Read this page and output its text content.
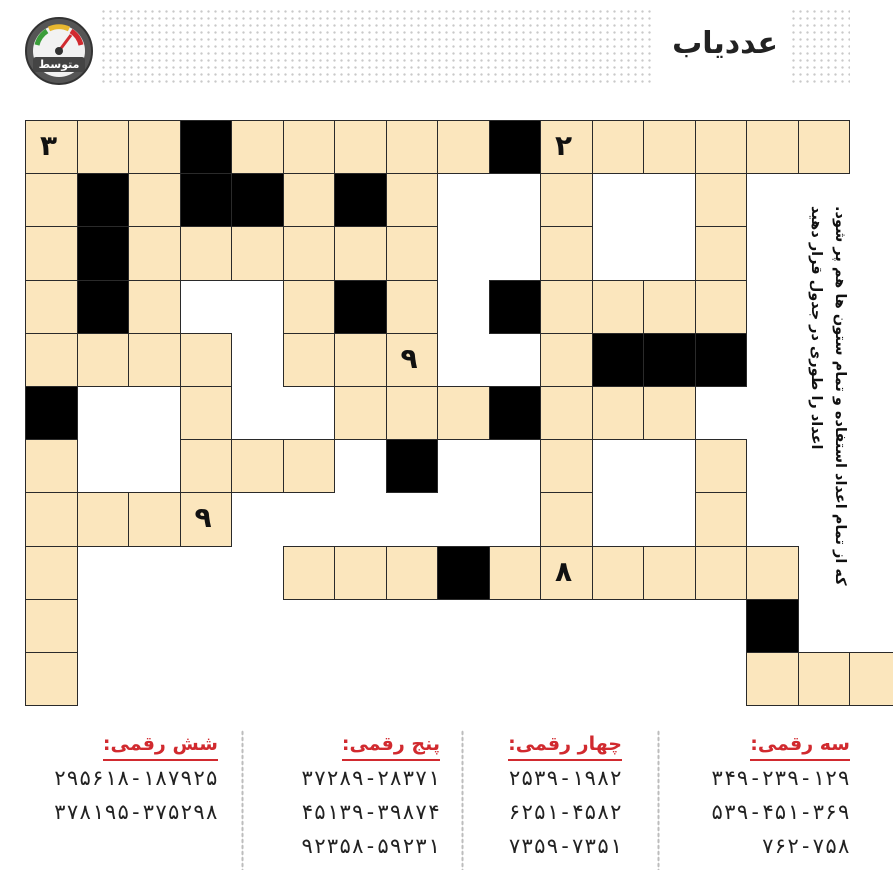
متوسط
عددیاب
۳	۲
۹
۹
۸
اعداد را طوری در جدول قرار دهید که از تمام اعداد استفاده و تمام ستون ها هم پر شود.
سه رقمی:
۳۴۹-۲۳۹-۱۲۹
۵۳۹-۴۵۱-۳۶۹
۷۶۲-۷۵۸
چهار رقمی:
۲۵۳۹-۱۹۸۲
۶۲۵۱-۴۵۸۲
۷۳۵۹-۷۳۵۱
پنج رقمی:
۳۷۲۸۹-۲۸۳۷۱
۴۵۱۳۹-۳۹۸۷۴
۹۲۳۵۸-۵۹۲۳۱
شش رقمی:
۲۹۵۶۱۸-۱۸۷۹۲۵
۳۷۸۱۹۵-۳۷۵۲۹۸
